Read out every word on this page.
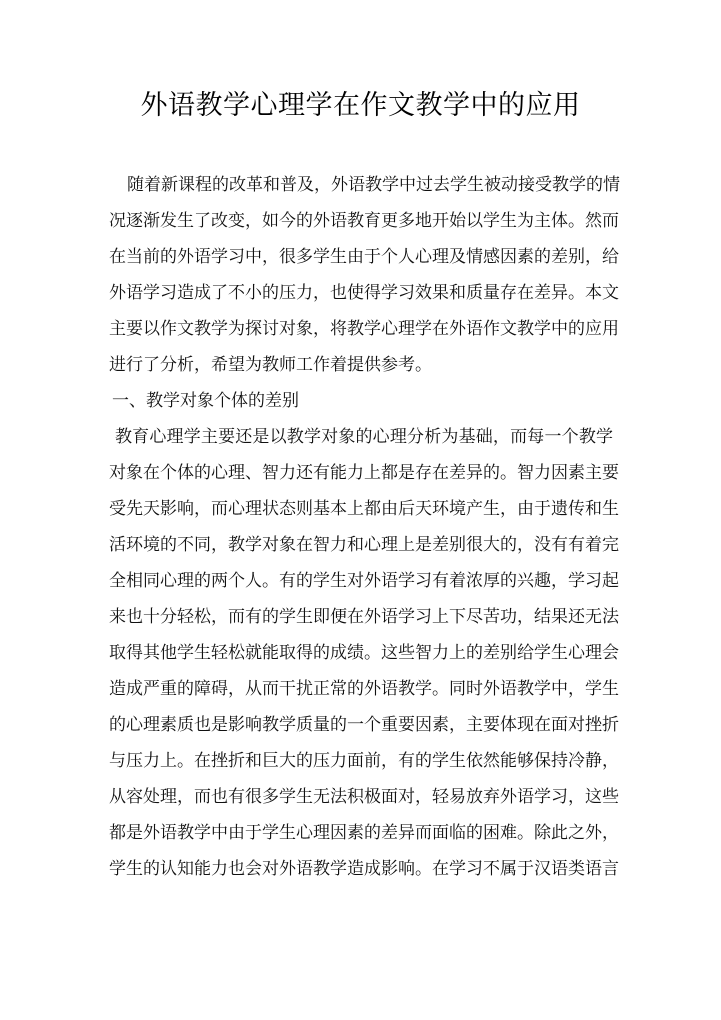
外语教学心理学在作文教学中的应用
随着新课程的改革和普及，外语教学中过去学生被动接受教学的情
况逐渐发生了改变，如今的外语教育更多地开始以学生为主体。然而
在当前的外语学习中，很多学生由于个人心理及情感因素的差别，给
外语学习造成了不小的压力，也使得学习效果和质量存在差异。本文
主要以作文教学为探讨对象，将教学心理学在外语作文教学中的应用
进行了分析，希望为教师工作着提供参考。
一、教学对象个体的差别
教育心理学主要还是以教学对象的心理分析为基础，而每一个教学
对象在个体的心理、智力还有能力上都是存在差异的。智力因素主要
受先天影响，而心理状态则基本上都由后天环境产生，由于遗传和生
活环境的不同，教学对象在智力和心理上是差别很大的，没有有着完
全相同心理的两个人。有的学生对外语学习有着浓厚的兴趣，学习起
来也十分轻松，而有的学生即便在外语学习上下尽苦功，结果还无法
取得其他学生轻松就能取得的成绩。这些智力上的差别给学生心理会
造成严重的障碍，从而干扰正常的外语教学。同时外语教学中，学生
的心理素质也是影响教学质量的一个重要因素，主要体现在面对挫折
与压力上。在挫折和巨大的压力面前，有的学生依然能够保持冷静，
从容处理，而也有很多学生无法积极面对，轻易放弃外语学习，这些
都是外语教学中由于学生心理因素的差异而面临的困难。除此之外，
学生的认知能力也会对外语教学造成影响。在学习不属于汉语类语言
